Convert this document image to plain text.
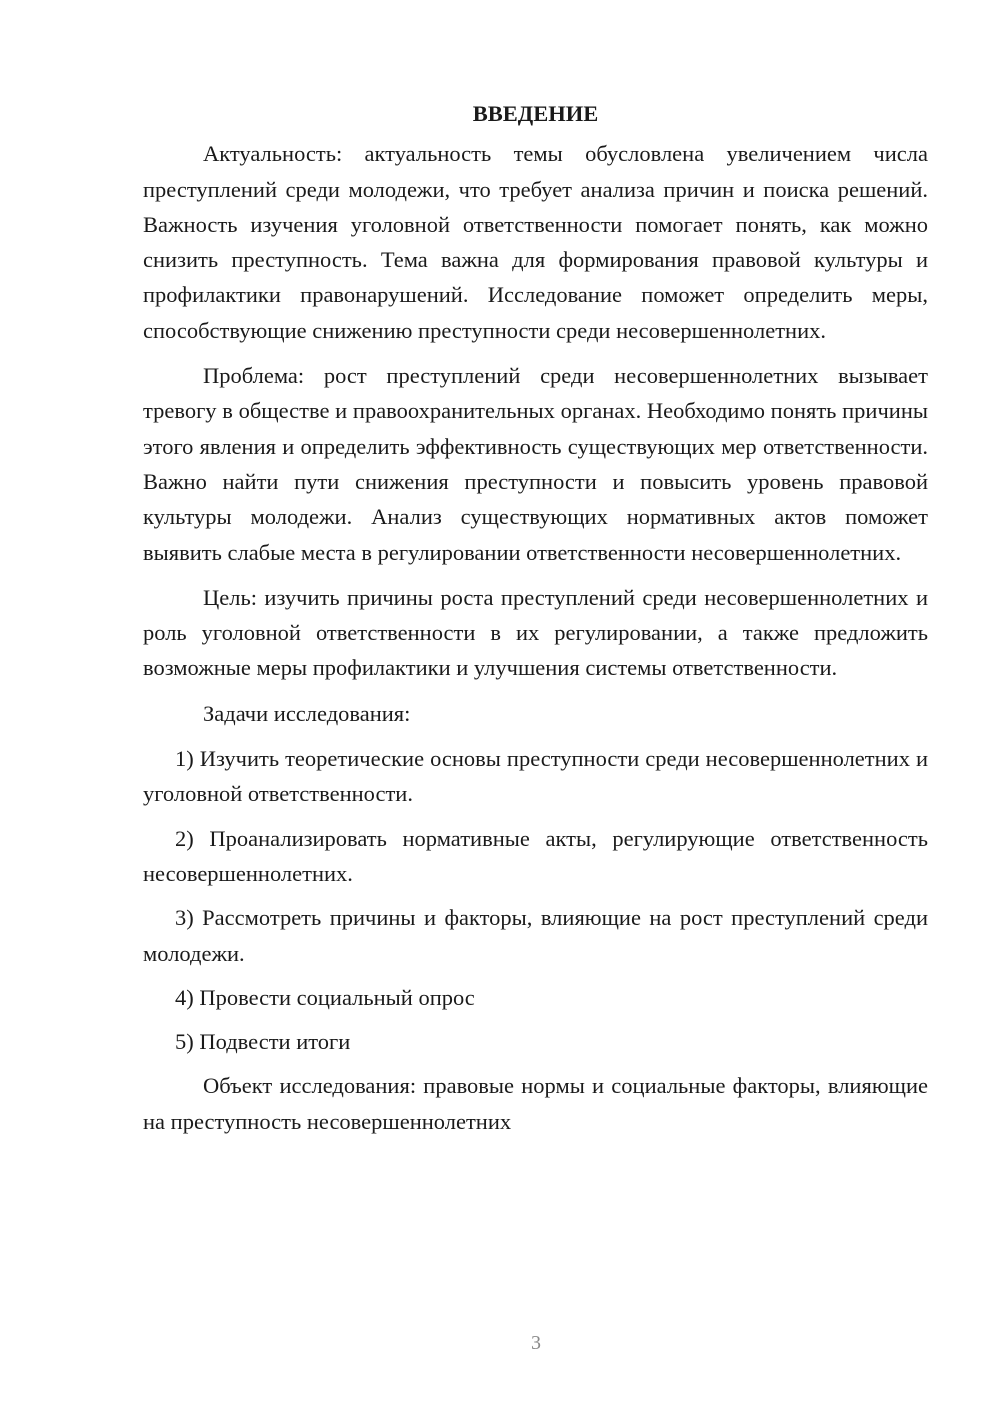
ВВЕДЕНИЕ

Актуальность: актуальность темы обусловлена увеличением числа преступлений среди молодежи, что требует анализа причин и поиска решений. Важность изучения уголовной ответственности помогает понять, как можно снизить преступность. Тема важна для формирования правовой культуры и профилактики правонарушений. Исследование поможет определить меры, способствующие снижению преступности среди несовершеннолетних.

Проблема: рост преступлений среди несовершеннолетних вызывает тревогу в обществе и правоохранительных органах. Необходимо понять причины этого явления и определить эффективность существующих мер ответственности. Важно найти пути снижения преступности и повысить уровень правовой культуры молодежи. Анализ существующих нормативных актов поможет выявить слабые места в регулировании ответственности несовершеннолетних.

Цель: изучить причины роста преступлений среди несовершеннолетних и роль уголовной ответственности в их регулировании, а также предложить возможные меры профилактики и улучшения системы ответственности.

Задачи исследования:

1) Изучить теоретические основы преступности среди несовершеннолетних и уголовной ответственности.

2) Проанализировать нормативные акты, регулирующие ответственность несовершеннолетних.

3) Рассмотреть причины и факторы, влияющие на рост преступлений среди молодежи.

4) Провести социальный опрос

5) Подвести итоги

Объект исследования: правовые нормы и социальные факторы, влияющие на преступность несовершеннолетних

3
